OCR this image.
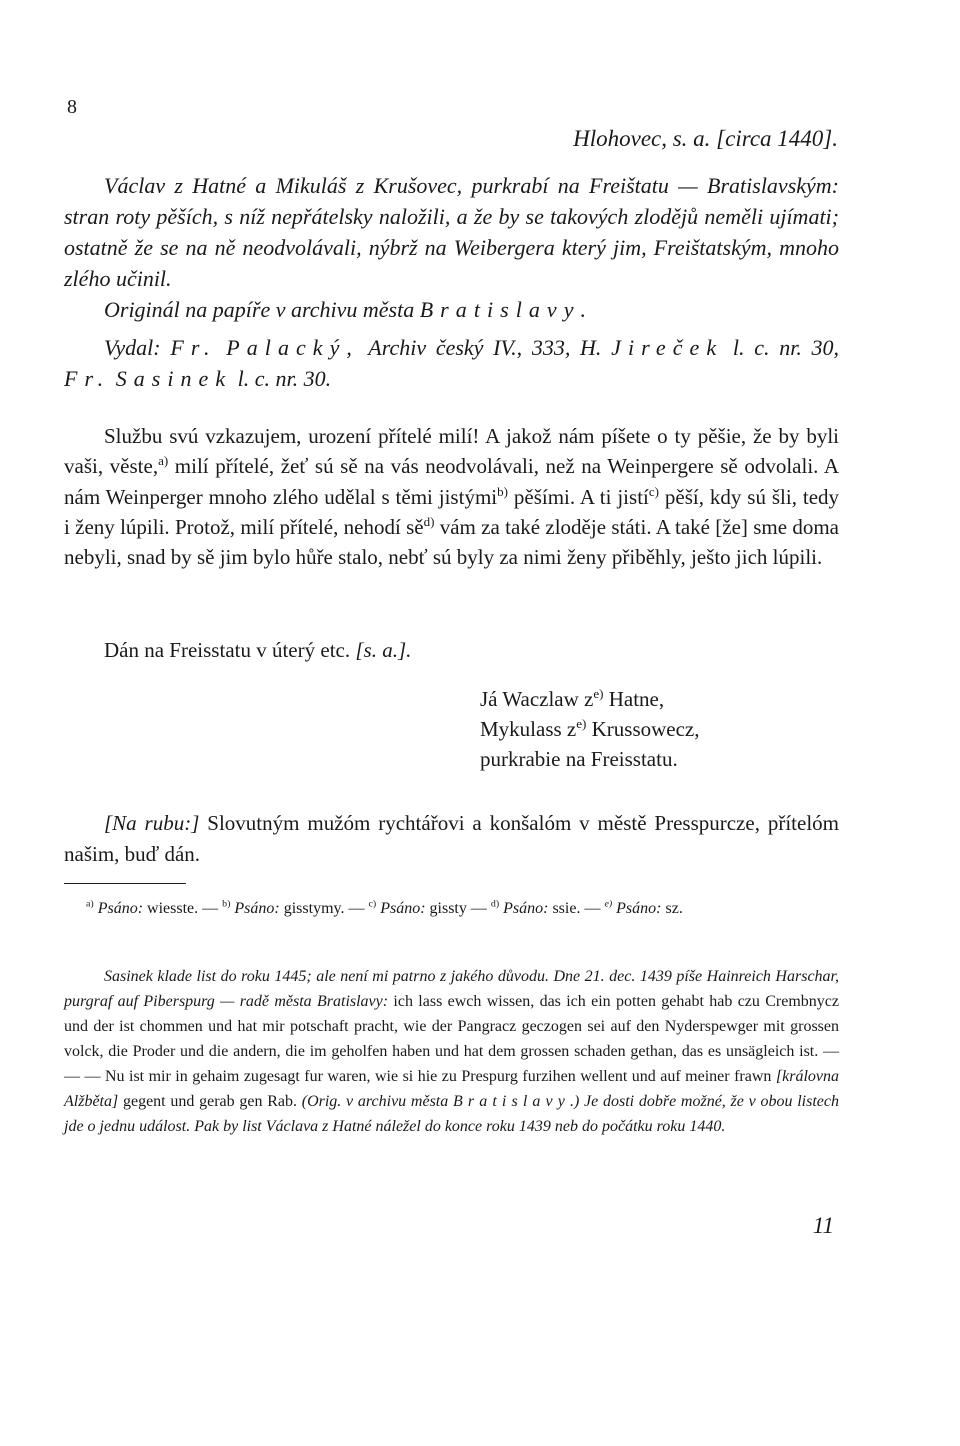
8
Hlohovec, s. a. [circa 1440].

Václav z Hatné a Mikuláš z Krušovec, purkrabí na Freištatu — Bratislavským: stran roty pěších, s níž nepřátelsky naložili, a že by se takových zlodějů neměli ujímati; ostatně že se na ně neodvolávali, nýbrž na Weibergera který jim, Freištatským, mnoho zlého učinil.

Originál na papíře v archivu města Bratislavy.

Vydal: Fr. Palacký, Archiv český IV., 333, H. Jireček l. c. nr. 30, Fr. Sasinek l. c. nr. 30.

Službu svú vzkazujem, urození přítelé milí! A jakož nám píšete o ty pěšie, že by byli vaši, věste,$^{a)}$ milí přítelé, žeť sú sě na vás neodvolávali, než na Weinpergere sě odvolali. A nám Weinperger mnoho zlého udělal s těmi jistými$^{b)}$ pěšími. A ti jistí$^{c)}$ pěší, kdy sú šli, tedy i ženy lúpili. Protož, milí přítelé, nehodí $sě^{d)}$ vám za také zloděje státi. A také [že] sme doma nebyli, snad by sě jim bylo hůře stalo, nebť sú byly za nimi ženy přiběhly, ješto jich lúpili.

Dán na Freisstatu v úterý etc. [s. a.].

Já Waczlaw $z^{e)}$ Hatne,
Mykulass $z^{e)}$ Krussowecz,
purkrabie na Freisstatu.

[Na rubu:] Slovutným mužóm rychtářovi a konšalóm v městě Presspurcze, přítelóm našim, buď dán.

$^{a)}$ Psáno: wiesste. — $^{b)}$ Psáno: gisstymy. — $^{c)}$ Psáno: gissty — $^{d)}$ Psáno: ssie. — $^{e)}$ Psáno: sz.

Sasinek klade list do roku 1445; ale není mi patrno z jakého důvodu. Dne 21. dec. 1439 píše Hainreich Harschar, purgraf auf Piberspurg — radě města Bratislavy: ich lass ewch wissen, das ich ein potten gehabt hab czu Crembnycz und der ist chommen und hat mir potschaft pracht, wie der Pangracz geczogen sei auf den Nyderspewger mit grossen volck, die Proder und die andern, die im geholfen haben und hat dem grossen schaden gethan, das es unsägleich ist. — — — Nu ist mir in gehaim zugesagt fur waren, wie si hie zu Prespurg furzihen wellent und auf meiner frawn [královna Alžběta] gegent und gerab gen Rab. (Orig. v archivu města Bratislavy.) Je dosti dobře možné, že v obou listech jde o jednu událost. Pak by list Václava z Hatné náležel do konce roku 1439 neb do počátku roku 1440.

11
